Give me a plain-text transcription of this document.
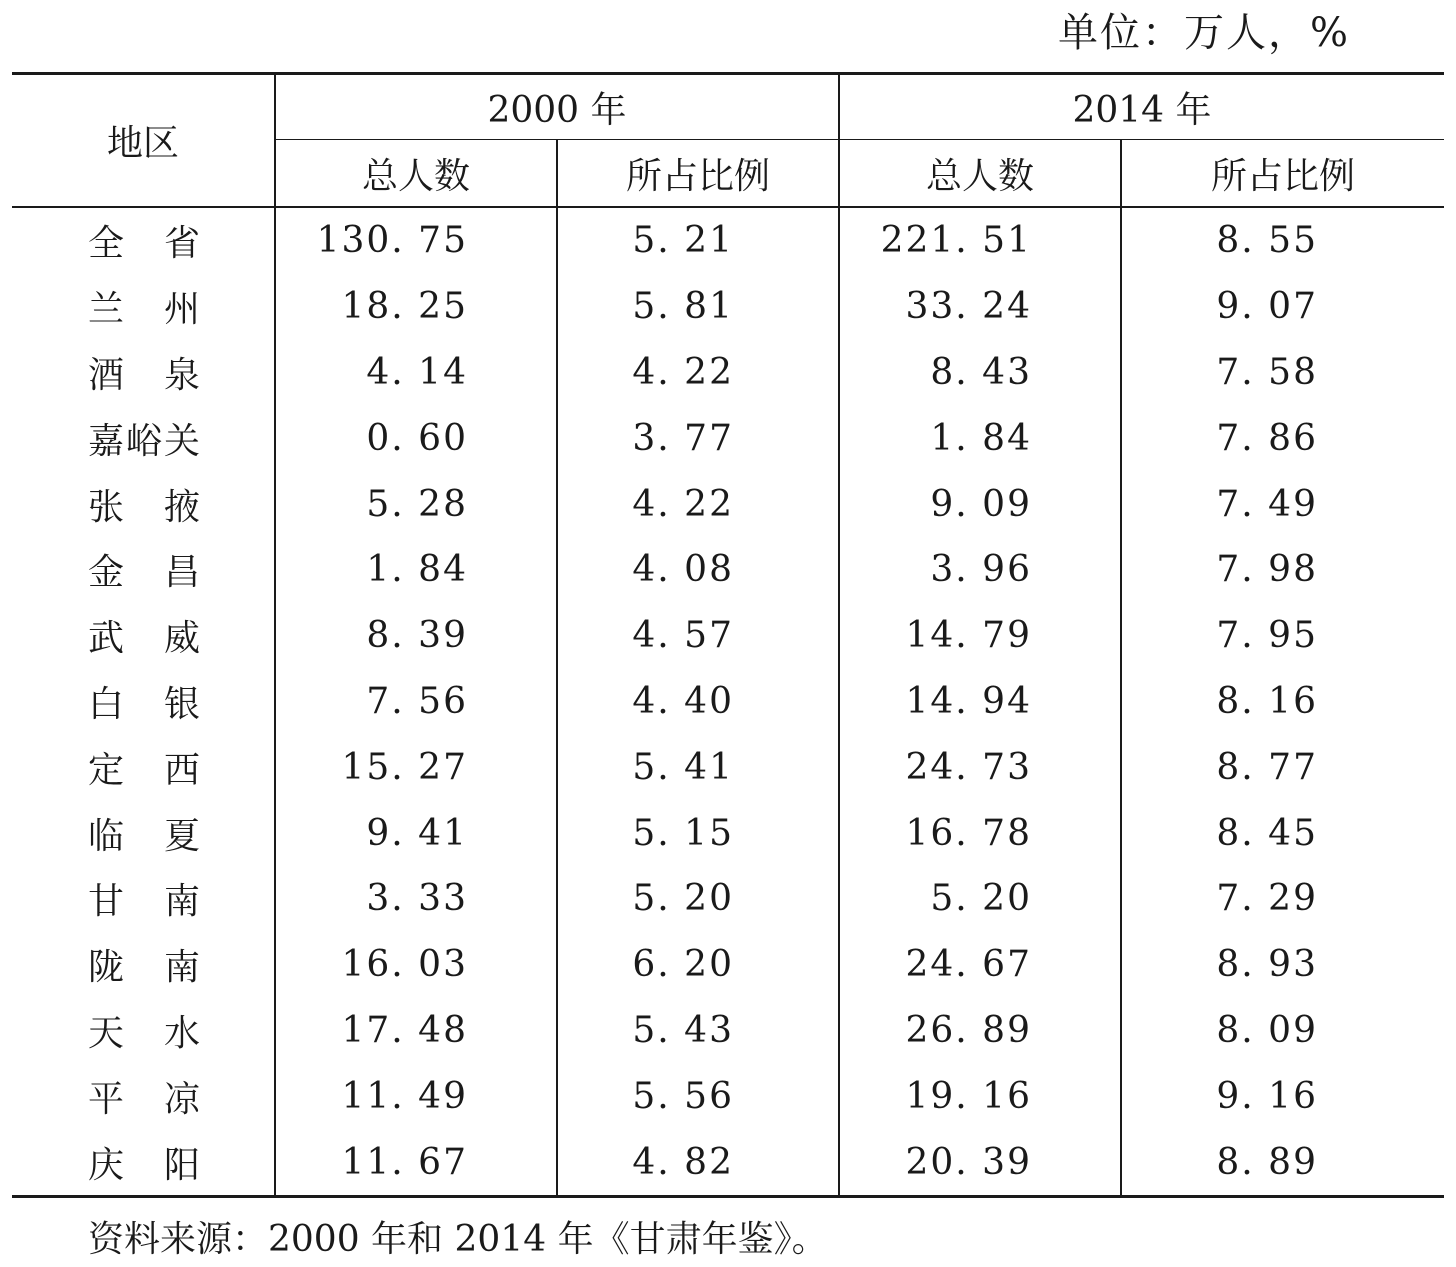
单位：万人，%
地区	2000 年		2014 年	
	总人数	所占比例	总人数	所占比例
全省	130. 75	5. 21	221. 51	8. 55
兰州	18. 25	5. 81	33. 24	9. 07
酒泉	4. 14	4. 22	8. 43	7. 58
嘉峪关	0. 60	3. 77	1. 84	7. 86
张掖	5. 28	4. 22	9. 09	7. 49
金昌	1. 84	4. 08	3. 96	7. 98
武威	8. 39	4. 57	14. 79	7. 95
白银	7. 56	4. 40	14. 94	8. 16
定西	15. 27	5. 41	24. 73	8. 77
临夏	9. 41	5. 15	16. 78	8. 45
甘南	3. 33	5. 20	5. 20	7. 29
陇南	16. 03	6. 20	24. 67	8. 93
天水	17. 48	5. 43	26. 89	8. 09
平凉	11. 49	5. 56	19. 16	9. 16
庆阳	11. 67	4. 82	20. 39	8. 89
资料来源：2000 年和 2014 年《甘肃年鉴》。
